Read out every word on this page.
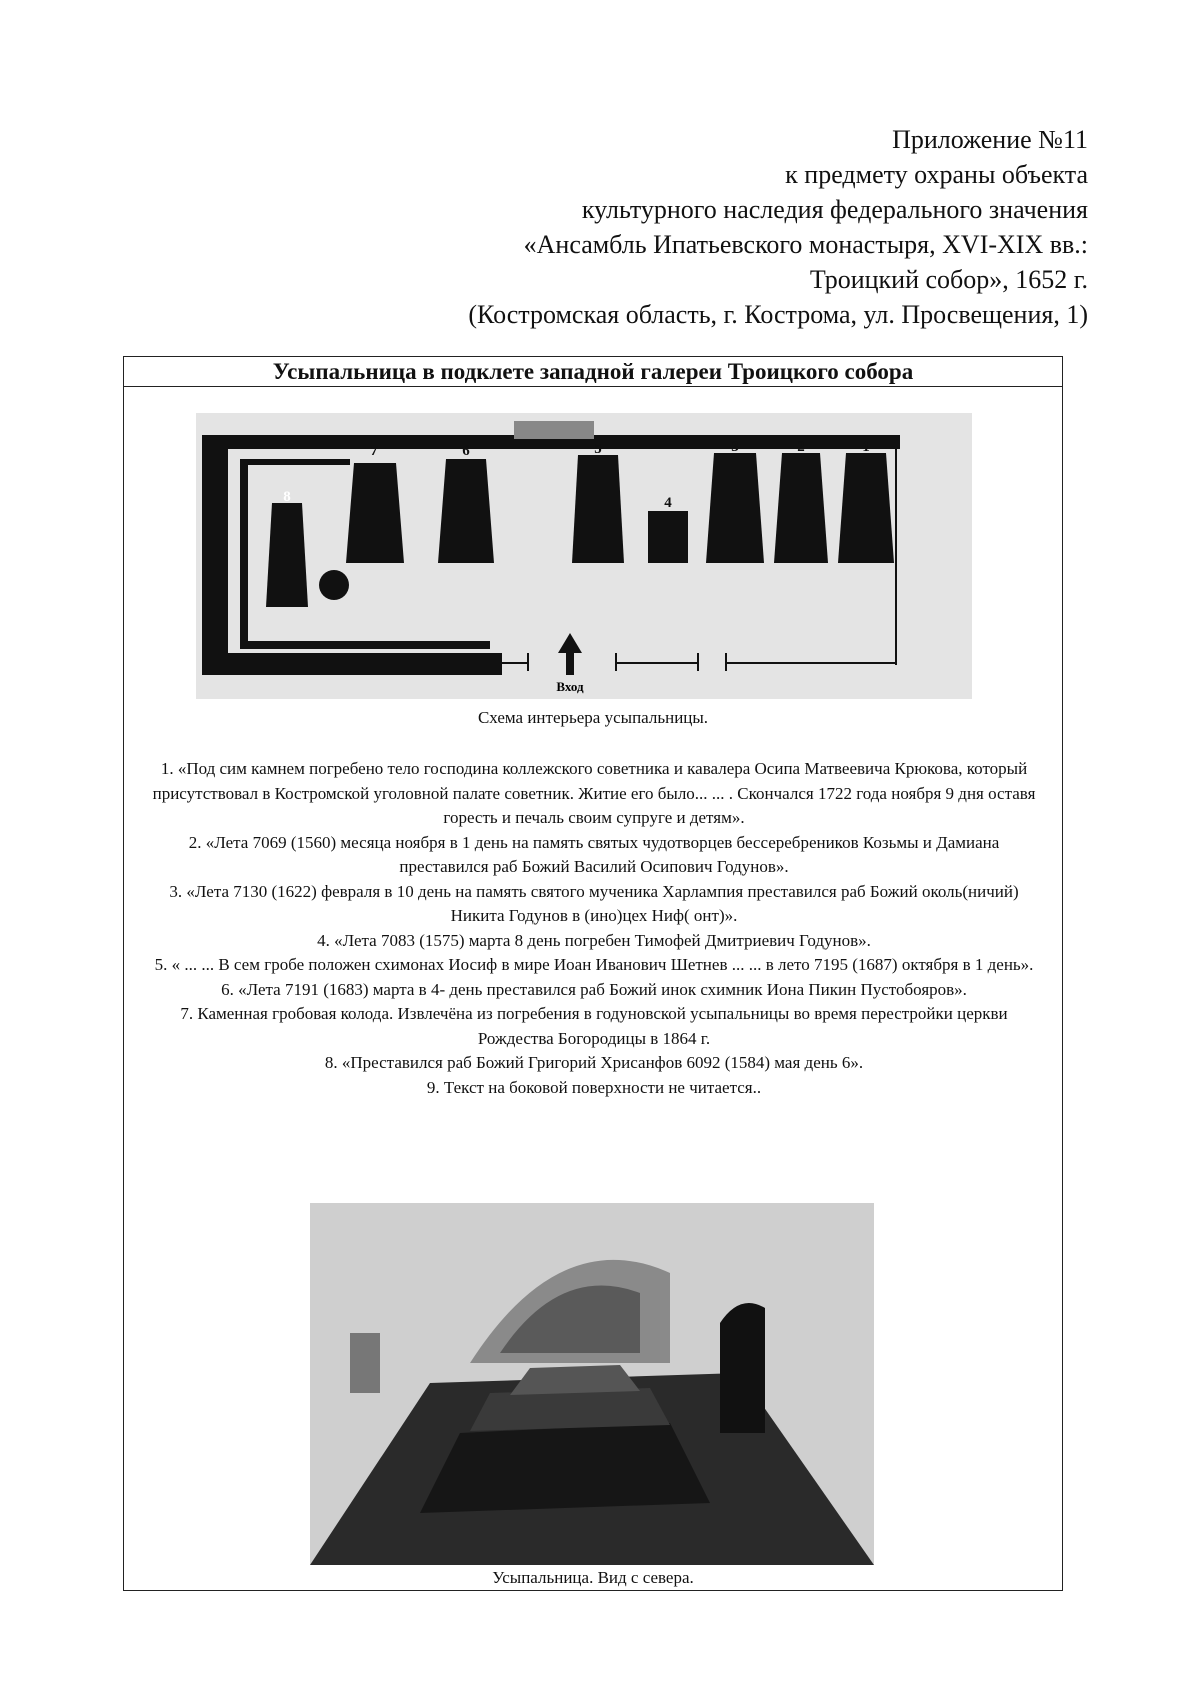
Приложение №11
к предмету охраны объекта
культурного наследия федерального значения
«Ансамбль Ипатьевского монастыря, XVI-XIX вв.:
Троицкий собор», 1652 г.
(Костромская область, г. Кострома, ул. Просвещения, 1)
Усыпальница в подклете западной галереи Троицкого собора
Вход
8
7	6	5
4
3	2	1
Схема интерьера усыпальницы.

1. «Под сим камнем погребено тело господина коллежского советника и кавалера Осипа Матвеевича Крюкова, который присутствовал в Костромской уголовной палате советник. Житие его было... ... . Скончался 1722 года ноября 9 дня оставя горесть и печаль своим супруге и детям».

2. «Лета 7069 (1560) месяца ноября в 1 день на память святых чудотворцев бессеребреников Козьмы и Дамиана преставился раб Божий Василий Осипович Годунов».

3. «Лета 7130 (1622) февраля в 10 день на память святого мученика Харлампия преставился раб Божий околь(ничий) Никита Годунов в (ино)цех Ниф( онт)».

4. «Лета 7083 (1575) марта 8 день погребен Тимофей Дмитриевич Годунов».

5. « ... ... В сем гробе положен схимонах Иосиф в мире Иоан Иванович Шетнев ... ... в лето 7195 (1687) октября в 1 день».

6. «Лета 7191 (1683) марта в 4- день преставился раб Божий инок схимник Иона Пикин Пустобояров».

7. Каменная гробовая колода. Извлечёна из погребения в годуновской усыпальницы во время перестройки церкви Рождества Богородицы в 1864 г.

8. «Преставился раб Божий Григорий Хрисанфов 6092 (1584) мая день 6».

9. Текст на боковой поверхности не читается..

Усыпальница. Вид с севера.
